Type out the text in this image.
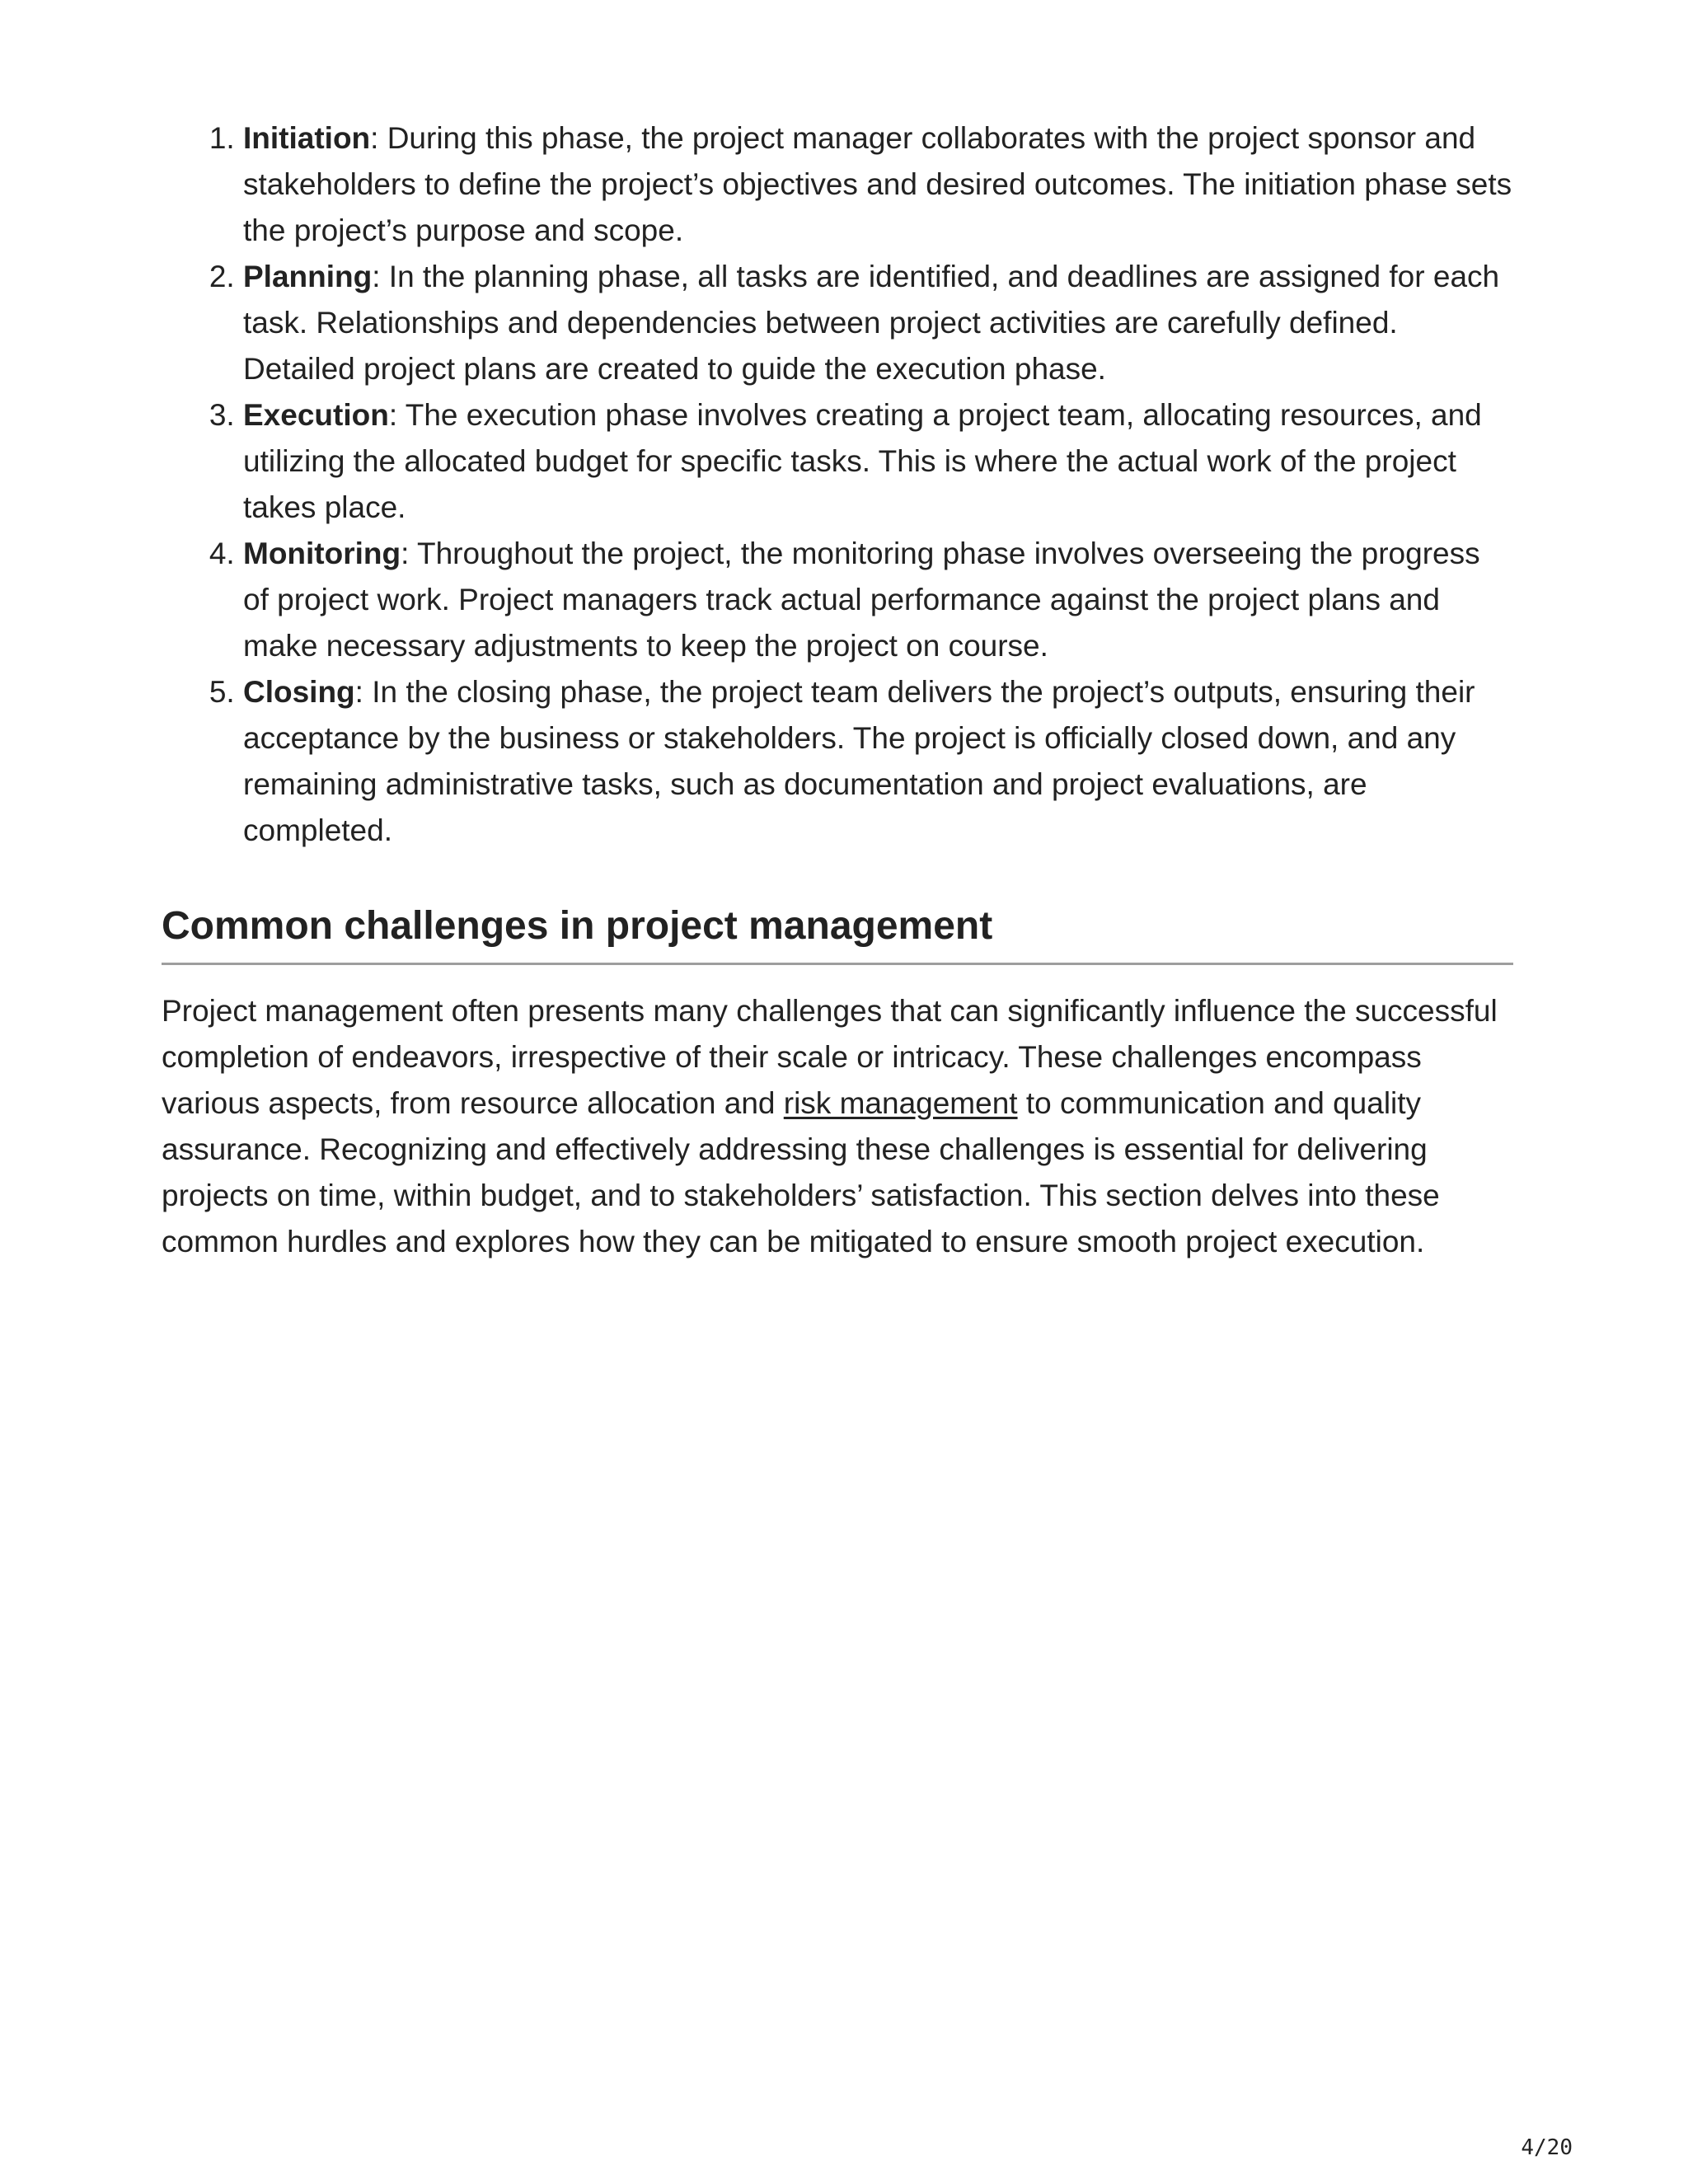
1. Initiation: During this phase, the project manager collaborates with the project sponsor and stakeholders to define the project’s objectives and desired outcomes. The initiation phase sets the project’s purpose and scope.
2. Planning: In the planning phase, all tasks are identified, and deadlines are assigned for each task. Relationships and dependencies between project activities are carefully defined. Detailed project plans are created to guide the execution phase.
3. Execution: The execution phase involves creating a project team, allocating resources, and utilizing the allocated budget for specific tasks. This is where the actual work of the project takes place.
4. Monitoring: Throughout the project, the monitoring phase involves overseeing the progress of project work. Project managers track actual performance against the project plans and make necessary adjustments to keep the project on course.
5. Closing: In the closing phase, the project team delivers the project’s outputs, ensuring their acceptance by the business or stakeholders. The project is officially closed down, and any remaining administrative tasks, such as documentation and project evaluations, are completed.
Common challenges in project management

Project management often presents many challenges that can significantly influence the successful completion of endeavors, irrespective of their scale or intricacy. These challenges encompass various aspects, from resource allocation and risk management to communication and quality assurance. Recognizing and effectively addressing these challenges is essential for delivering projects on time, within budget, and to stakeholders’ satisfaction. This section delves into these common hurdles and explores how they can be mitigated to ensure smooth project execution.

4/20
